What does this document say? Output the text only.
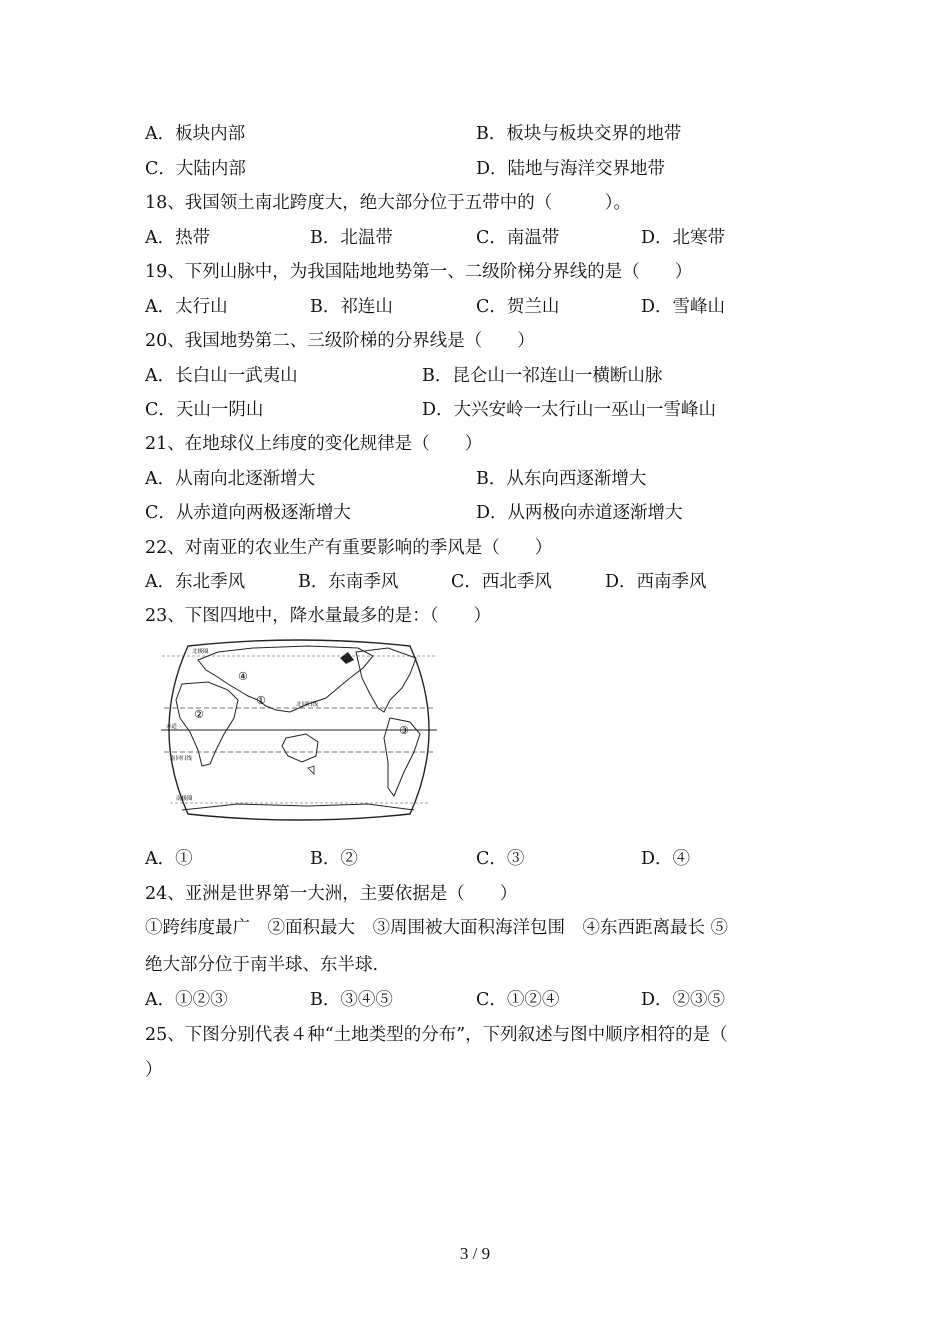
A．板块内部	B．板块与板块交界的地带
C．大陆内部	D．陆地与海洋交界地带
18、我国领土南北跨度大，绝大部分位于五带中的（　　　）。
A．热带	B．北温带	C．南温带	D．北寒带
19、下列山脉中，为我国陆地地势第一、二级阶梯分界线的是（　　）
A．太行山	B．祁连山	C．贺兰山	D．雪峰山
20、我国地势第二、三级阶梯的分界线是（　　）
A．长白山一武夷山	B．昆仑山一祁连山一横断山脉
C．天山一阴山	D．大兴安岭一太行山一巫山一雪峰山
21、在地球仪上纬度的变化规律是（　　）
A．从南向北逐渐增大	B．从东向西逐渐增大
C．从赤道向两极逐渐增大	D．从两极向赤道逐渐增大
22、对南亚的农业生产有重要影响的季风是（　　）
A．东北季风	B．东南季风	C．西北季风	D．西南季风
23、下图四地中，降水量最多的是：（　　）
北极圈
北回归线
赤道
南回归线
南极圈
①
②
③
④
A．①	B．②	C．③	D．④
24、亚洲是世界第一大洲，主要依据是（　　）
①跨纬度最广　②面积最大　③周围被大面积海洋包围　④东西距离最长 ⑤
绝大部分位于南半球、东半球.
A．①②③	B．③④⑤	C．①②④	D．②③⑤
25、下图分别代表４种“土地类型的分布”，下列叙述与图中顺序相符的是（
）
3 / 9
